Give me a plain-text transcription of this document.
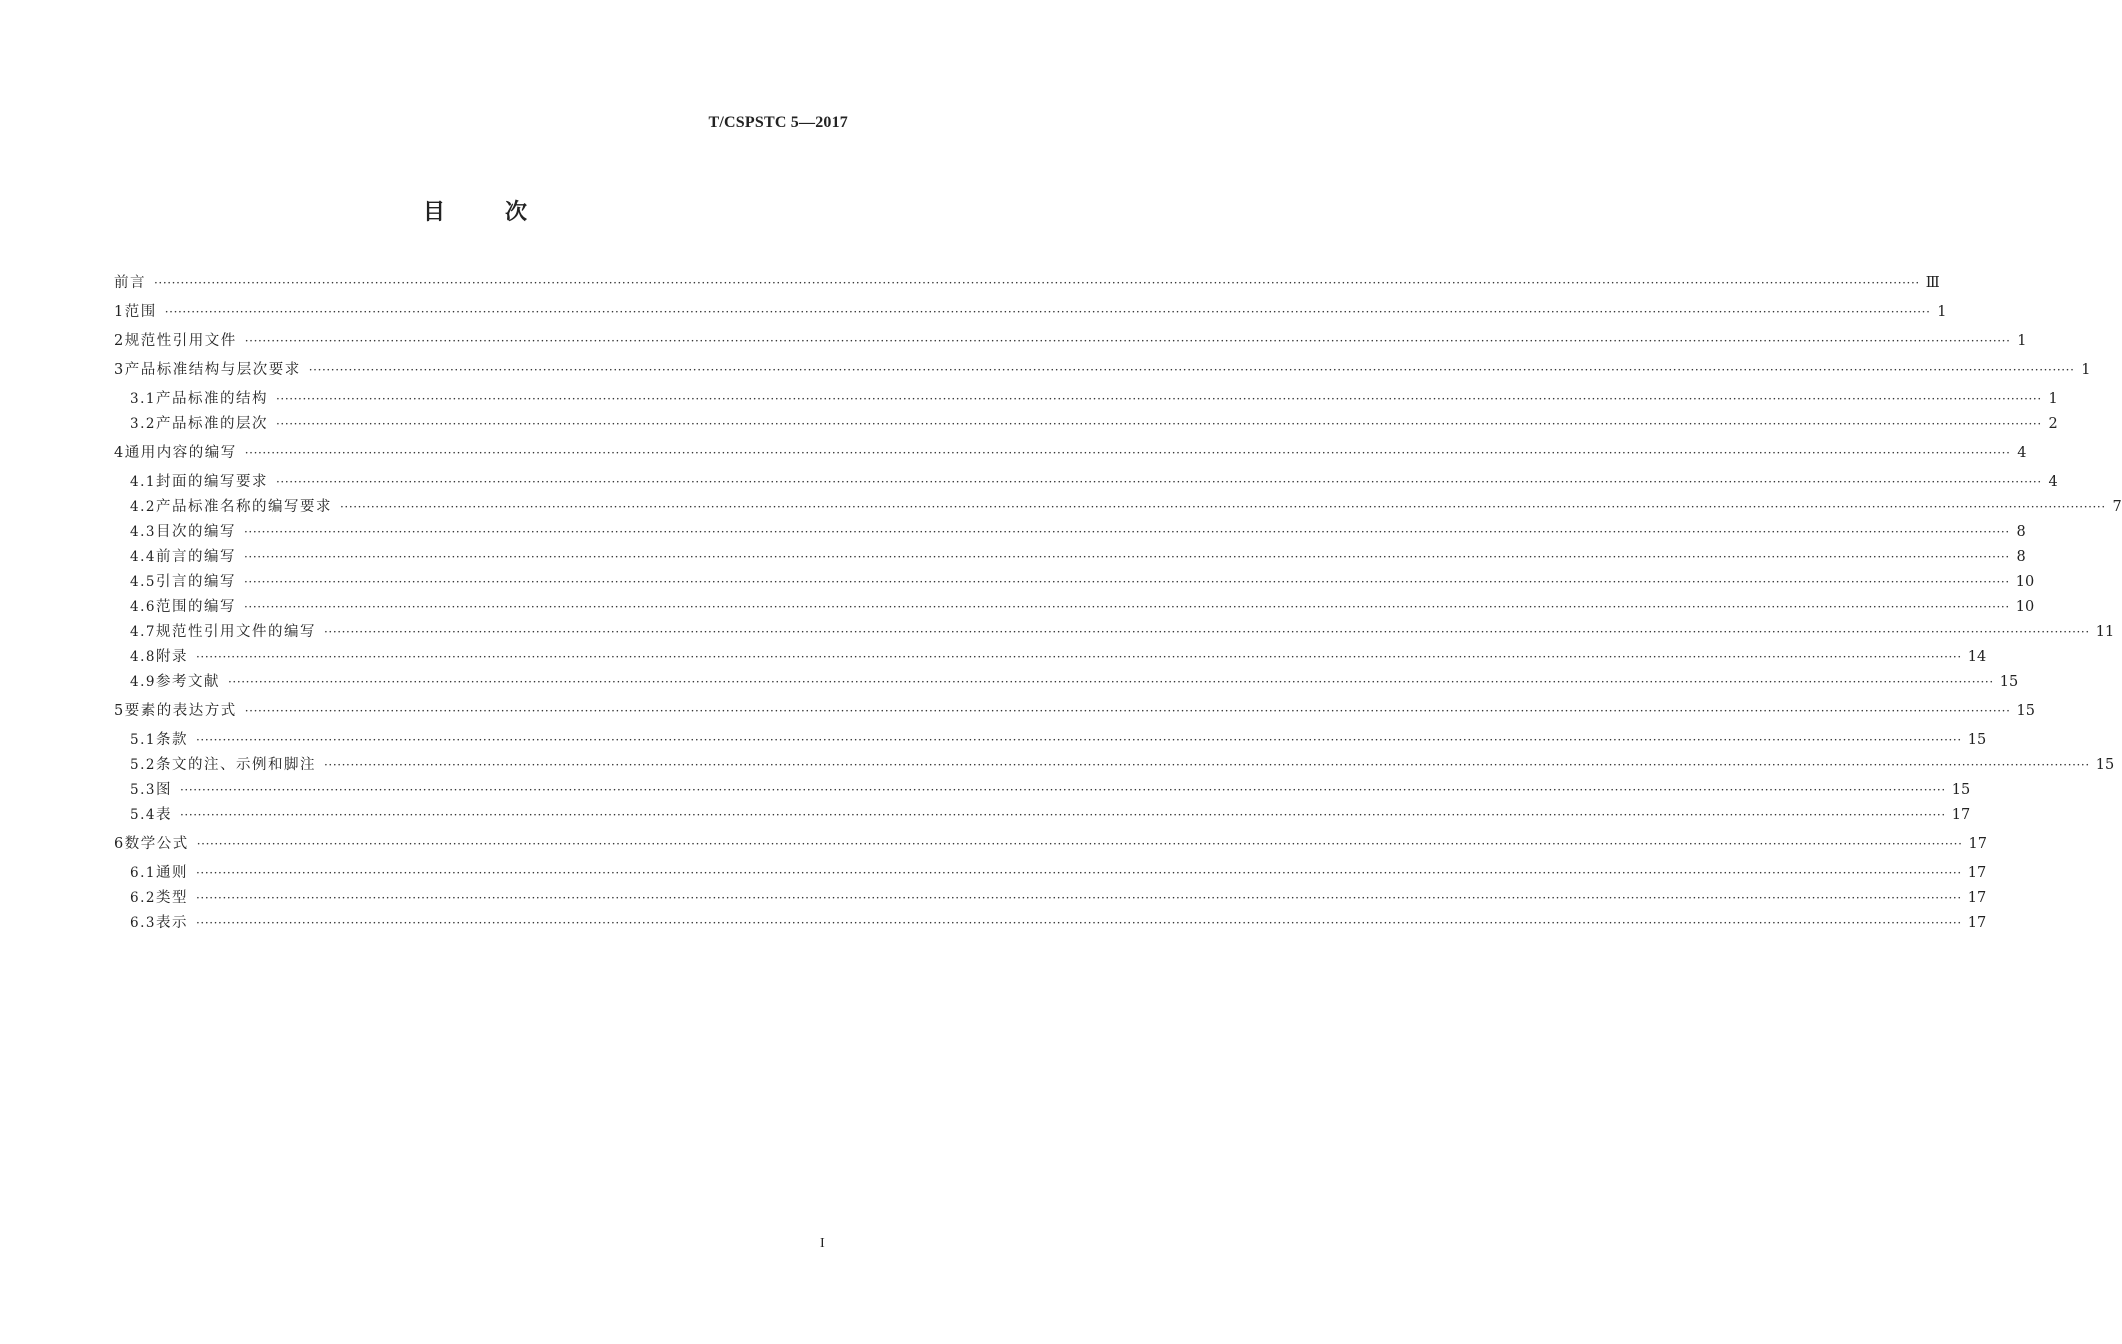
T/CSPSTC 5—2017
目	次
前言 ················································································································································································································································································································································································································ Ⅲ
1 范围 ················································································································································································································································································································································································································ 1
2 规范性引用文件 ················································································································································································································································································································································································································ 1
3 产品标准结构与层次要求 ················································································································································································································································································································································································································ 1
3.1 产品标准的结构 ················································································································································································································································································································································································································ 1
3.2 产品标准的层次 ················································································································································································································································································································································································································ 2
4 通用内容的编写 ················································································································································································································································································································································································································ 4
4.1 封面的编写要求 ················································································································································································································································································································································································································ 4
4.2 产品标准名称的编写要求 ················································································································································································································································································································································································································ 7
4.3 目次的编写 ················································································································································································································································································································································································································ 8
4.4 前言的编写 ················································································································································································································································································································································································································ 8
4.5 引言的编写 ················································································································································································································································································································································································································ 10
4.6 范围的编写 ················································································································································································································································································································································································································ 10
4.7 规范性引用文件的编写 ················································································································································································································································································································································································································ 11
4.8 附录 ················································································································································································································································································································································································································ 14
4.9 参考文献 ················································································································································································································································································································································································································ 15
5 要素的表达方式 ················································································································································································································································································································································································································ 15
5.1 条款 ················································································································································································································································································································································································································ 15
5.2 条文的注、示例和脚注 ················································································································································································································································································································································································································ 15
5.3 图 ················································································································································································································································································································································································································ 15
5.4 表 ················································································································································································································································································································································································································ 17
6 数学公式 ················································································································································································································································································································································································································ 17
6.1 通则 ················································································································································································································································································································································································································ 17
6.2 类型 ················································································································································································································································································································································································································ 17
6.3 表示 ················································································································································································································································································································································································································ 17
I
